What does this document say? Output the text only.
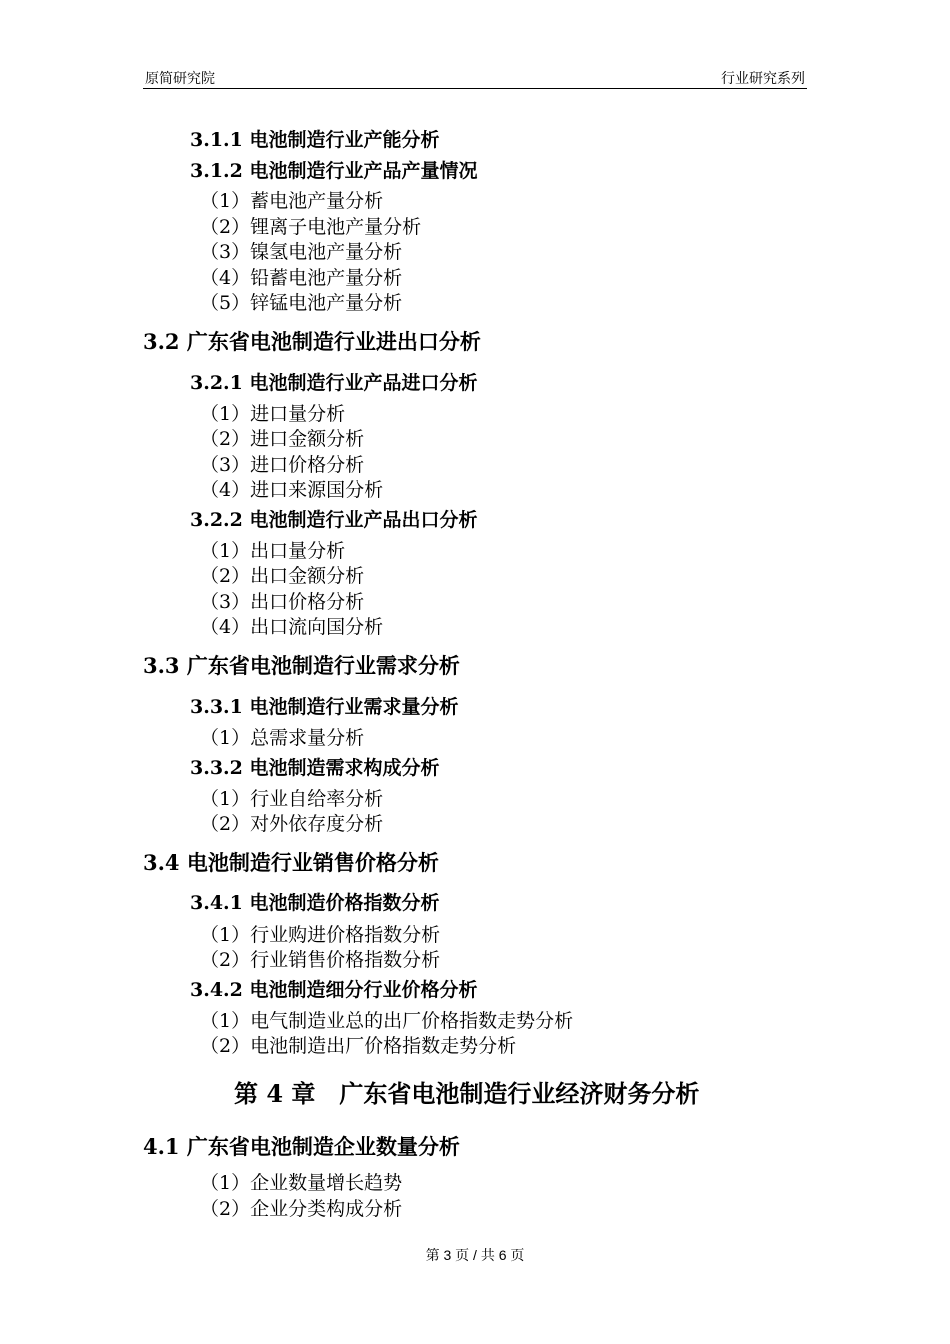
原简研究院	行业研究系列
3.1.1 电池制造行业产能分析
3.1.2 电池制造行业产品产量情况
（1）蓄电池产量分析
（2）锂离子电池产量分析
（3）镍氢电池产量分析
（4）铅蓄电池产量分析
（5）锌锰电池产量分析
3.2 广东省电池制造行业进出口分析
3.2.1 电池制造行业产品进口分析
（1）进口量分析
（2）进口金额分析
（3）进口价格分析
（4）进口来源国分析
3.2.2 电池制造行业产品出口分析
（1）出口量分析
（2）出口金额分析
（3）出口价格分析
（4）出口流向国分析
3.3 广东省电池制造行业需求分析
3.3.1 电池制造行业需求量分析
（1）总需求量分析
3.3.2 电池制造需求构成分析
（1）行业自给率分析
（2）对外依存度分析
3.4 电池制造行业销售价格分析
3.4.1 电池制造价格指数分析
（1）行业购进价格指数分析
（2）行业销售价格指数分析
3.4.2 电池制造细分行业价格分析
（1）电气制造业总的出厂价格指数走势分析
（2）电池制造出厂价格指数走势分析
第 4 章　广东省电池制造行业经济财务分析
4.1 广东省电池制造企业数量分析
（1）企业数量增长趋势
（2）企业分类构成分析
第 3 页 / 共 6 页
